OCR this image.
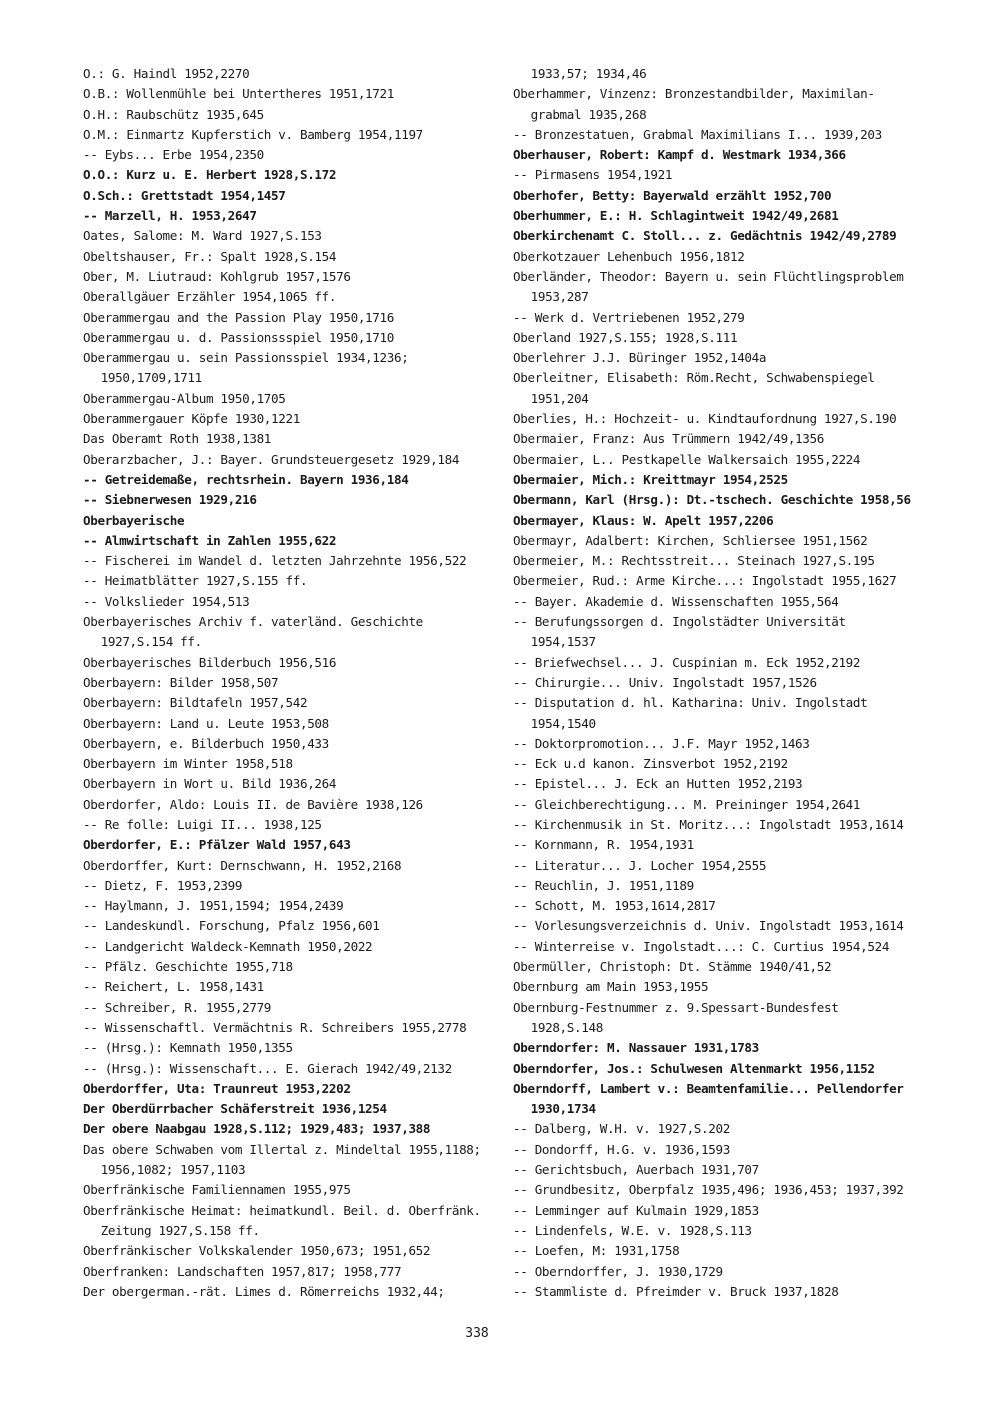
O.: G. Haindl 1952,2270
O.B.: Wollenmühle bei Untertheres 1951,1721
O.H.: Raubschütz 1935,645
O.M.: Einmartz Kupferstich v. Bamberg 1954,1197
-- Eybs... Erbe 1954,2350
O.O.: Kurz u. E. Herbert 1928,S.172
O.Sch.: Grettstadt 1954,1457
-- Marzell, H. 1953,2647
Oates, Salome: M. Ward 1927,S.153
Obeltshauser, Fr.: Spalt 1928,S.154
Ober, M. Liutraud: Kohlgrub 1957,1576
Oberallgäuer Erzähler 1954,1065 ff.
Oberammergau and the Passion Play 1950,1716
Oberammergau u. d. Passionssspiel 1950,1710
Oberammergau u. sein Passionsspiel 1934,1236;
1950,1709,1711
Oberammergau-Album 1950,1705
Oberammergauer Köpfe 1930,1221
Das Oberamt Roth 1938,1381
Oberarzbacher, J.: Bayer. Grundsteuergesetz 1929,184
-- Getreidemaße, rechtsrhein. Bayern 1936,184
-- Siebnerwesen 1929,216
Oberbayerische
-- Almwirtschaft in Zahlen 1955,622
-- Fischerei im Wandel d. letzten Jahrzehnte 1956,522
-- Heimatblätter 1927,S.155 ff.
-- Volkslieder 1954,513
Oberbayerisches Archiv f. vaterländ. Geschichte
1927,S.154 ff.
Oberbayerisches Bilderbuch 1956,516
Oberbayern: Bilder 1958,507
Oberbayern: Bildtafeln 1957,542
Oberbayern: Land u. Leute 1953,508
Oberbayern, e. Bilderbuch 1950,433
Oberbayern im Winter 1958,518
Oberbayern in Wort u. Bild 1936,264
Oberdorfer, Aldo: Louis II. de Bavière 1938,126
-- Re folle: Luigi II... 1938,125
Oberdorfer, E.: Pfälzer Wald 1957,643
Oberdorffer, Kurt: Dernschwann, H. 1952,2168
-- Dietz, F. 1953,2399
-- Haylmann, J. 1951,1594; 1954,2439
-- Landeskundl. Forschung, Pfalz 1956,601
-- Landgericht Waldeck-Kemnath 1950,2022
-- Pfälz. Geschichte 1955,718
-- Reichert, L. 1958,1431
-- Schreiber, R. 1955,2779
-- Wissenschaftl. Vermächtnis R. Schreibers 1955,2778
-- (Hrsg.): Kemnath 1950,1355
-- (Hrsg.): Wissenschaft... E. Gierach 1942/49,2132
Oberdorffer, Uta: Traunreut 1953,2202
Der Oberdürrbacher Schäferstreit 1936,1254
Der obere Naabgau 1928,S.112; 1929,483; 1937,388
Das obere Schwaben vom Illertal z. Mindeltal 1955,1188;
1956,1082; 1957,1103
Oberfränkische Familiennamen 1955,975
Oberfränkische Heimat: heimatkundl. Beil. d. Oberfränk.
Zeitung 1927,S.158 ff.
Oberfränkischer Volkskalender 1950,673; 1951,652
Oberfranken: Landschaften 1957,817; 1958,777
Der obergerman.-rät. Limes d. Römerreichs 1932,44;
1933,57; 1934,46
Oberhammer, Vinzenz: Bronzestandbilder, Maximilan-
grabmal 1935,268
-- Bronzestatuen, Grabmal Maximilians I... 1939,203
Oberhauser, Robert: Kampf d. Westmark 1934,366
-- Pirmasens 1954,1921
Oberhofer, Betty: Bayerwald erzählt 1952,700
Oberhummer, E.: H. Schlagintweit 1942/49,2681
Oberkirchenamt C. Stoll... z. Gedächtnis 1942/49,2789
Oberkotzauer Lehenbuch 1956,1812
Oberländer, Theodor: Bayern u. sein Flüchtlingsproblem
1953,287
-- Werk d. Vertriebenen 1952,279
Oberland 1927,S.155; 1928,S.111
Oberlehrer J.J. Büringer 1952,1404a
Oberleitner, Elisabeth: Röm.Recht, Schwabenspiegel
1951,204
Oberlies, H.: Hochzeit- u. Kindtaufordnung 1927,S.190
Obermaier, Franz: Aus Trümmern 1942/49,1356
Obermaier, L.. Pestkapelle Walkersaich 1955,2224
Obermaier, Mich.: Kreittmayr 1954,2525
Obermann, Karl (Hrsg.): Dt.-tschech. Geschichte 1958,56
Obermayer, Klaus: W. Apelt 1957,2206
Obermayr, Adalbert: Kirchen, Schliersee 1951,1562
Obermeier, M.: Rechtsstreit... Steinach 1927,S.195
Obermeier, Rud.: Arme Kirche...: Ingolstadt 1955,1627
-- Bayer. Akademie d. Wissenschaften 1955,564
-- Berufungssorgen d. Ingolstädter Universität
1954,1537
-- Briefwechsel... J. Cuspinian m. Eck 1952,2192
-- Chirurgie... Univ. Ingolstadt 1957,1526
-- Disputation d. hl. Katharina: Univ. Ingolstadt
1954,1540
-- Doktorpromotion... J.F. Mayr 1952,1463
-- Eck u.d kanon. Zinsverbot 1952,2192
-- Epistel... J. Eck an Hutten 1952,2193
-- Gleichberechtigung... M. Preininger 1954,2641
-- Kirchenmusik in St. Moritz...: Ingolstadt 1953,1614
-- Kornmann, R. 1954,1931
-- Literatur... J. Locher 1954,2555
-- Reuchlin, J. 1951,1189
-- Schott, M. 1953,1614,2817
-- Vorlesungsverzeichnis d. Univ. Ingolstadt 1953,1614
-- Winterreise v. Ingolstadt...: C. Curtius 1954,524
Obermüller, Christoph: Dt. Stämme 1940/41,52
Obernburg am Main 1953,1955
Obernburg-Festnummer z. 9.Spessart-Bundesfest
1928,S.148
Oberndorfer: M. Nassauer 1931,1783
Oberndorfer, Jos.: Schulwesen Altenmarkt 1956,1152
Oberndorff, Lambert v.: Beamtenfamilie... Pellendorfer
1930,1734
-- Dalberg, W.H. v. 1927,S.202
-- Dondorff, H.G. v. 1936,1593
-- Gerichtsbuch, Auerbach 1931,707
-- Grundbesitz, Oberpfalz 1935,496; 1936,453; 1937,392
-- Lemminger auf Kulmain 1929,1853
-- Lindenfels, W.E. v. 1928,S.113
-- Loefen, M: 1931,1758
-- Oberndorffer, J. 1930,1729
-- Stammliste d. Pfreimder v. Bruck 1937,1828
338
